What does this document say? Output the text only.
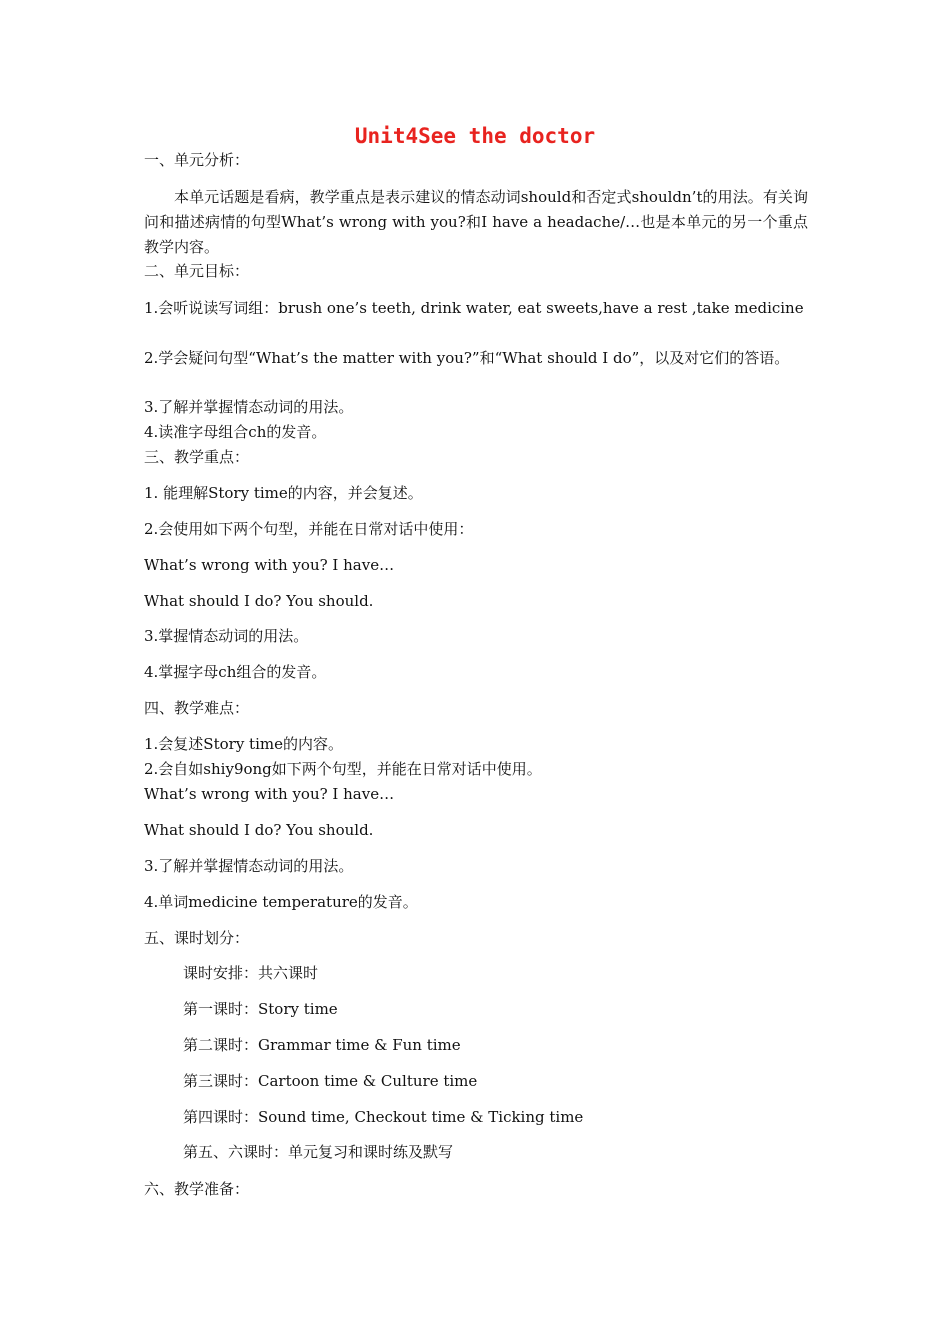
Unit4See the doctor
一、单元分析：
本单元话题是看病，教学重点是表示建议的情态动词should和否定式shouldn’t的用法。有关询问和描述病情的句型What’s wrong with you?和I have a headache/…也是本单元的另一个重点教学内容。
二、单元目标：
1.会听说读写词组：brush one’s teeth, drink water, eat sweets,have a rest ,take medicine
2.学会疑问句型“What’s the matter with you?”和“What should I do”，以及对它们的答语。
3.了解并掌握情态动词的用法。
4.读准字母组合ch的发音。
三、教学重点：
1. 能理解Story time的内容，并会复述。
2.会使用如下两个句型，并能在日常对话中使用：
What’s wrong with you? I have…
What should I do? You should.
3.掌握情态动词的用法。
4.掌握字母ch组合的发音。
四、教学难点：
1.会复述Story time的内容。
2.会自如shiy9ong如下两个句型，并能在日常对话中使用。
What’s wrong with you? I have…
What should I do? You should.
3.了解并掌握情态动词的用法。
4.单词medicine temperature的发音。
五、课时划分：
课时安排：共六课时
第一课时：Story time
第二课时：Grammar time & Fun time
第三课时：Cartoon time & Culture time
第四课时：Sound time, Checkout time & Ticking time
第五、六课时：单元复习和课时练及默写
六、教学准备：
